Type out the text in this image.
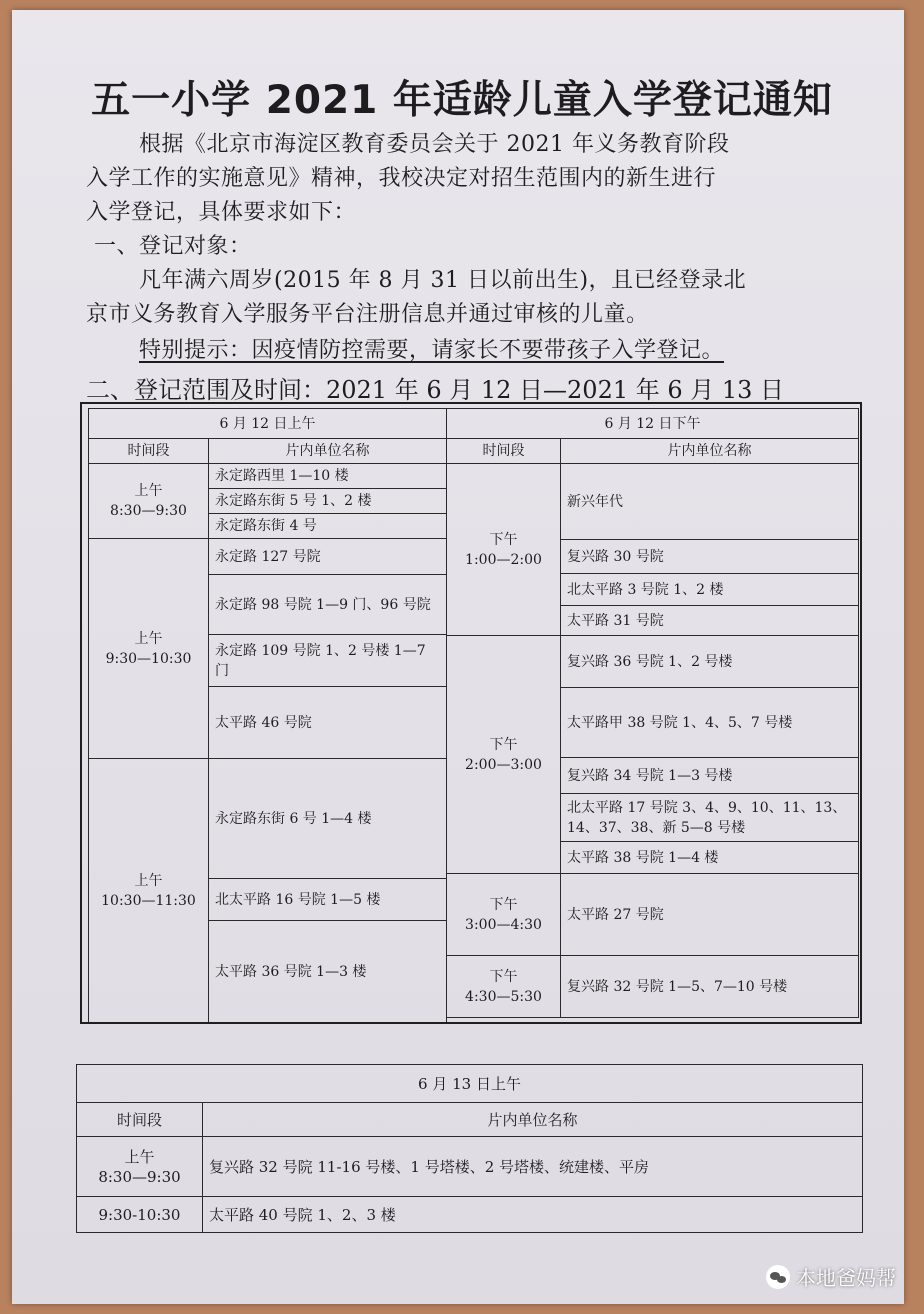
五一小学 2021 年适龄儿童入学登记通知

根据《北京市海淀区教育委员会关于 2021 年义务教育阶段

入学工作的实施意见》精神，我校决定对招生范围内的新生进行

入学登记，具体要求如下：

一、登记对象：

凡年满六周岁(2015 年 8 月 31 日以前出生)，且已经登录北

京市义务教育入学服务平台注册信息并通过审核的儿童。

特别提示：因疫情防控需要，请家长不要带孩子入学登记。

二、登记范围及时间：2021 年 6 月 12 日—2021 年 6 月 13 日
6 月 12 日上午	
时间段	片内单位名称
上午
8:30—9:30	永定路西里 1—10 楼
	永定路东街 5 号 1、2 楼
	永定路东街 4 号
上午
9:30—10:30	永定路 127 号院
	永定路 98 号院 1—9 门、96 号院
	永定路 109 号院 1、2 号楼 1—7 门
	太平路 46 号院
上午
10:30—11:30	永定路东街 6 号 1—4 楼
	北太平路 16 号院 1—5 楼
	太平路 36 号院 1—3 楼
6 月 12 日下午	
时间段	片内单位名称
下午
1:00—2:00	新兴年代
	复兴路 30 号院
	北太平路 3 号院 1、2 楼
	太平路 31 号院
下午
2:00—3:00	复兴路 36 号院 1、2 号楼
	太平路甲 38 号院 1、4、5、7 号楼
	复兴路 34 号院 1—3 号楼
	北太平路 17 号院 3、4、9、10、11、13、14、37、38、新 5—8 号楼
	太平路 38 号院 1—4 楼
下午
3:00—4:30	太平路 27 号院
下午
4:30—5:30	复兴路 32 号院 1—5、7—10 号楼
6 月 13 日上午	
时间段	片内单位名称
上午
8:30—9:30	复兴路 32 号院 11-16 号楼、1 号塔楼、2 号塔楼、统建楼、平房
9:30-10:30	太平路 40 号院 1、2、3 楼
本地爸妈帮
